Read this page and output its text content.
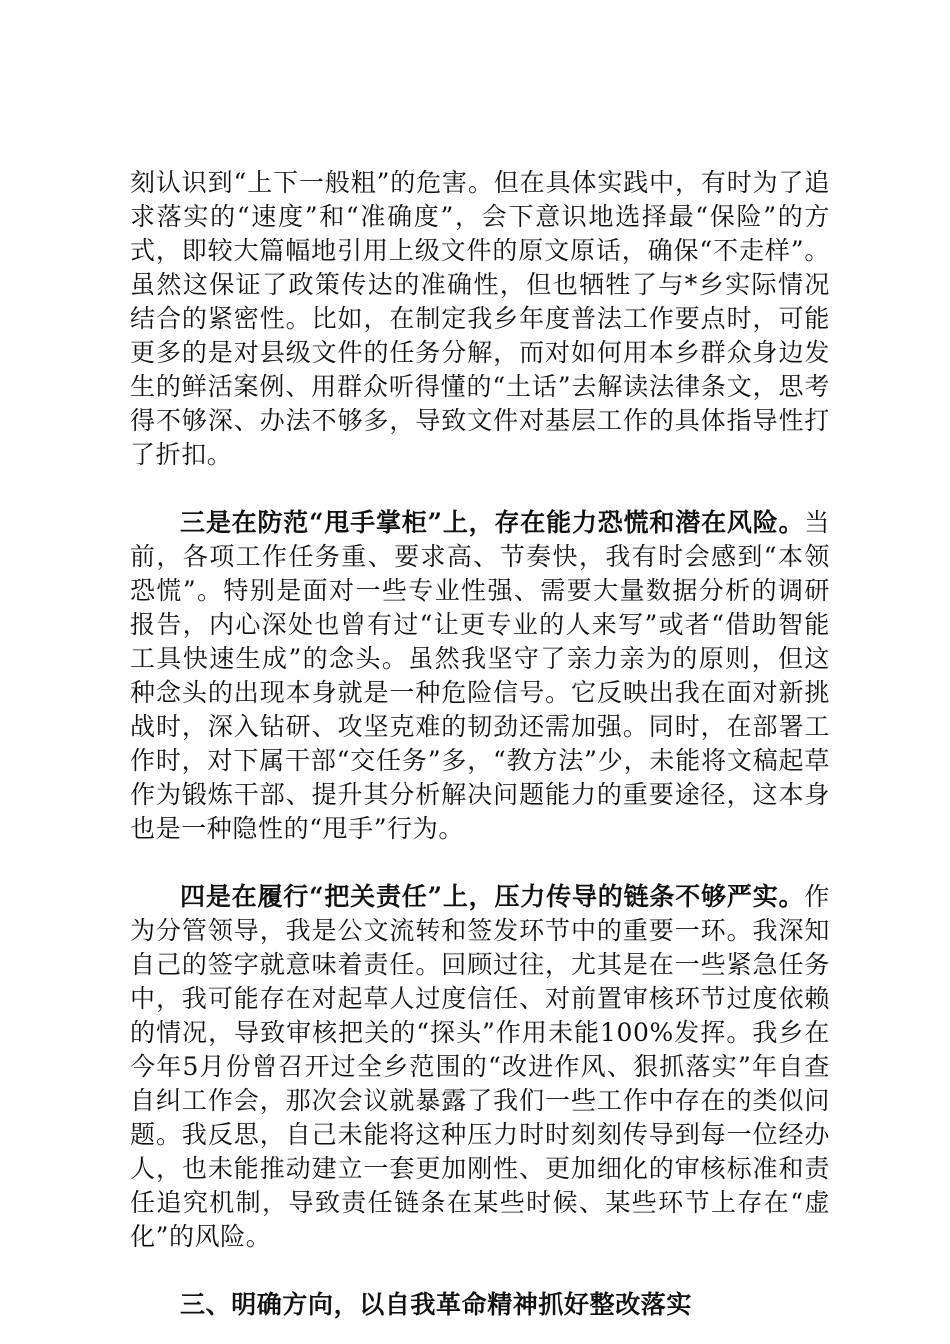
刻认识到“上下一般粗”的危害。但在具体实践中，有时为了追求落实的“速度”和“准确度”，会下意识地选择最“保险”的方式，即较大篇幅地引用上级文件的原文原话，确保“不走样”。虽然这保证了政策传达的准确性，但也牺牲了与*乡实际情况结合的紧密性。比如，在制定我乡年度普法工作要点时，可能更多的是对县级文件的任务分解，而对如何用本乡群众身边发生的鲜活案例、用群众听得懂的“土话”去解读法律条文，思考得不够深、办法不够多，导致文件对基层工作的具体指导性打了折扣。

三是在防范“甩手掌柜”上，存在能力恐慌和潜在风险。当前，各项工作任务重、要求高、节奏快，我有时会感到“本领恐慌”。特别是面对一些专业性强、需要大量数据分析的调研报告，内心深处也曾有过“让更专业的人来写”或者“借助智能工具快速生成”的念头。虽然我坚守了亲力亲为的原则，但这种念头的出现本身就是一种危险信号。它反映出我在面对新挑战时，深入钻研、攻坚克难的韧劲还需加强。同时，在部署工作时，对下属干部“交任务”多，“教方法”少，未能将文稿起草作为锻炼干部、提升其分析解决问题能力的重要途径，这本身也是一种隐性的“甩手”行为。

四是在履行“把关责任”上，压力传导的链条不够严实。作为分管领导，我是公文流转和签发环节中的重要一环。我深知自己的签字就意味着责任。回顾过往，尤其是在一些紧急任务中，我可能存在对起草人过度信任、对前置审核环节过度依赖的情况，导致审核把关的“探头”作用未能100%发挥。我乡在今年5月份曾召开过全乡范围的“改进作风、狠抓落实”年自查自纠工作会，那次会议就暴露了我们一些工作中存在的类似问题。我反思，自己未能将这种压力时时刻刻传导到每一位经办人，也未能推动建立一套更加刚性、更加细化的审核标准和责任追究机制，导致责任链条在某些时候、某些环节上存在“虚化”的风险。

三、明确方向，以自我革命精神抓好整改落实
